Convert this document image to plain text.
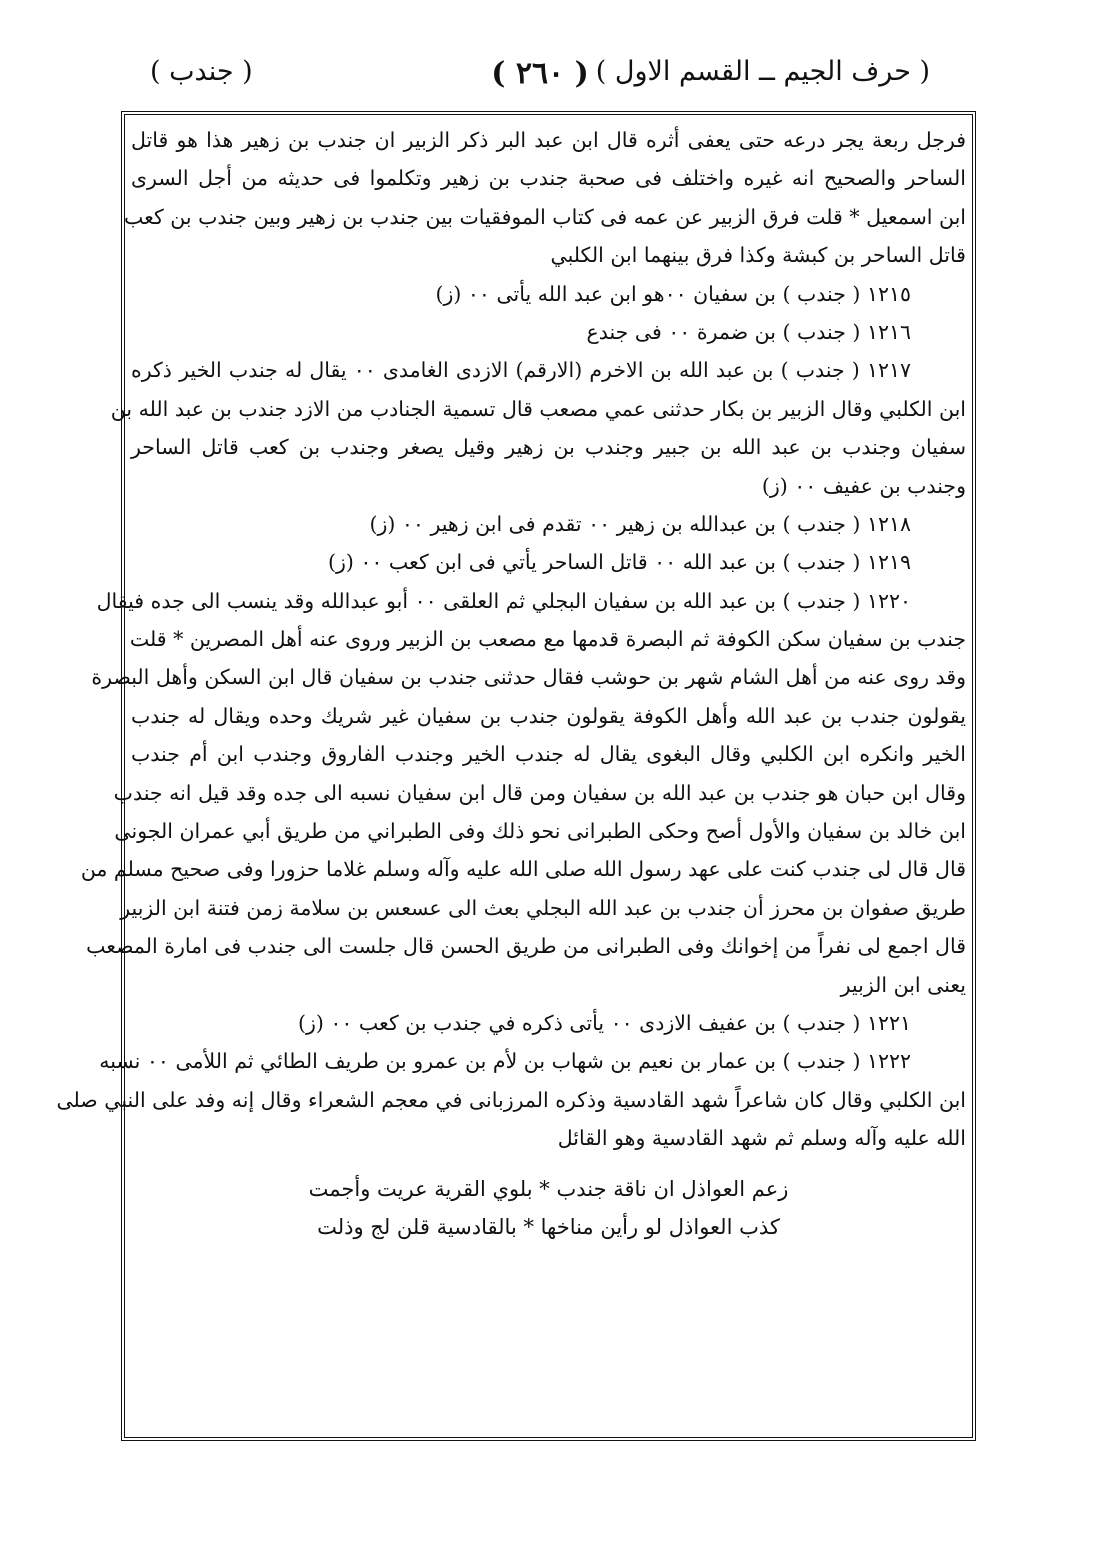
( حرف الجيم ــ القسم الاول )
( ٢٦٠ )
( جندب )
فرجل ربعة يجر درعه حتى يعفى أثره قال ابن عبد البر ذكر الزبير ان جندب بن زهير هذا هو قاتل
الساحر والصحيح انه غيره واختلف فى صحبة جندب بن زهير وتكلموا فى حديثه من أجل السرى
ابن اسمعيل * قلت فرق الزبير عن عمه فى كتاب الموفقيات بين جندب بن زهير وبين جندب بن كعب
قاتل الساحر بن كبشة وكذا فرق بينهما ابن الكلبي
١٢١٥ ( جندب ) بن سفيان ٠٠هو ابن عبد الله يأتى ٠٠ (ز)
١٢١٦ ( جندب ) بن ضمرة ٠٠ فى جندع
١٢١٧ ( جندب ) بن عبد الله بن الاخرم (الارقم) الازدى الغامدى ٠٠ يقال له جندب الخير ذكره
ابن الكلبي وقال الزبير بن بكار حدثنى عمي مصعب قال تسمية الجنادب من الازد جندب بن عبد الله بن
سفيان وجندب بن عبد الله بن جبير وجندب بن زهير وقيل يصغر وجندب بن كعب قاتل الساحر
وجندب بن عفيف ٠٠ (ز)
١٢١٨ ( جندب ) بن عبدالله بن زهير ٠٠ تقدم فى ابن زهير ٠٠ (ز)
١٢١٩ ( جندب ) بن عبد الله ٠٠ قاتل الساحر يأتي فى ابن كعب ٠٠ (ز)
١٢٢٠ ( جندب ) بن عبد الله بن سفيان البجلي ثم العلقى ٠٠ أبو عبدالله وقد ينسب الى جده فيقال
جندب بن سفيان سكن الكوفة ثم البصرة قدمها مع مصعب بن الزبير وروى عنه أهل المصرين * قلت
وقد روى عنه من أهل الشام شهر بن حوشب فقال حدثنى جندب بن سفيان قال ابن السكن وأهل البصرة
يقولون جندب بن عبد الله وأهل الكوفة يقولون جندب بن سفيان غير شريك وحده ويقال له جندب
الخير وانكره ابن الكلبي وقال البغوى يقال له جندب الخير وجندب الفاروق وجندب ابن أم جندب
وقال ابن حبان هو جندب بن عبد الله بن سفيان ومن قال ابن سفيان نسبه الى جده وقد قيل انه جندب
ابن خالد بن سفيان والأول أصح وحكى الطبرانى نحو ذلك وفى الطبراني من طريق أبي عمران الجونى
قال قال لى جندب كنت على عهد رسول الله صلى الله عليه وآله وسلم غلاما حزورا وفى صحيح مسلم من
طريق صفوان بن محرز أن جندب بن عبد الله البجلي بعث الى عسعس بن سلامة زمن فتنة ابن الزبير
قال اجمع لى نفراً من إخوانك وفى الطبرانى من طريق الحسن قال جلست الى جندب فى امارة المصعب
يعنى ابن الزبير
١٢٢١ ( جندب ) بن عفيف الازدى ٠٠ يأتى ذكره في جندب بن كعب ٠٠ (ز)
١٢٢٢ ( جندب ) بن عمار بن نعيم بن شهاب بن لأم بن عمرو بن طريف الطائي ثم اللأمى ٠٠ نسبه
ابن الكلبي وقال كان شاعراً شهد القادسية وذكره المرزبانى في معجم الشعراء وقال إنه وفد على النبي صلى
الله عليه وآله وسلم ثم شهد القادسية وهو القائل
زعم العواذل ان ناقة جندب * بلوي القرية عريت وأجمت
كذب العواذل لو رأين مناخها * بالقادسية قلن لج وذلت
